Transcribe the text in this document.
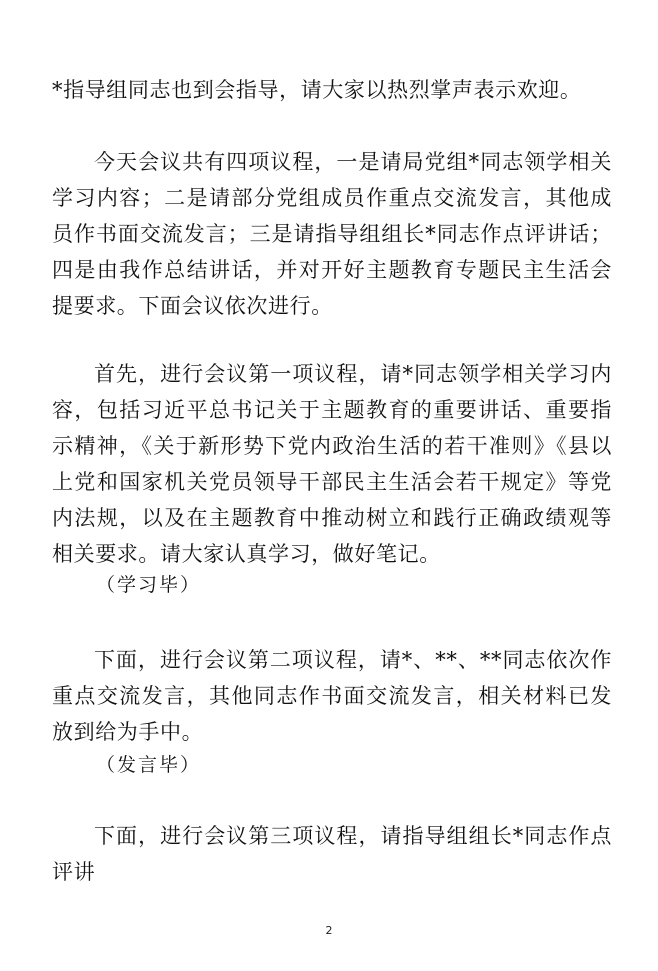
*指导组同志也到会指导，请大家以热烈掌声表示欢迎。

今天会议共有四项议程，一是请局党组*同志领学相关学习内容；二是请部分党组成员作重点交流发言，其他成员作书面交流发言；三是请指导组组长*同志作点评讲话；四是由我作总结讲话，并对开好主题教育专题民主生活会提要求。下面会议依次进行。

首先，进行会议第一项议程，请*同志领学相关学习内容，包括习近平总书记关于主题教育的重要讲话、重要指示精神，《关于新形势下党内政治生活的若干准则》《县以上党和国家机关党员领导干部民主生活会若干规定》等党内法规，以及在主题教育中推动树立和践行正确政绩观等相关要求。请大家认真学习，做好笔记。

（学习毕）

下面，进行会议第二项议程，请*、**、**同志依次作重点交流发言，其他同志作书面交流发言，相关材料已发放到给为手中。

（发言毕）

下面，进行会议第三项议程，请指导组组长*同志作点评讲

2
